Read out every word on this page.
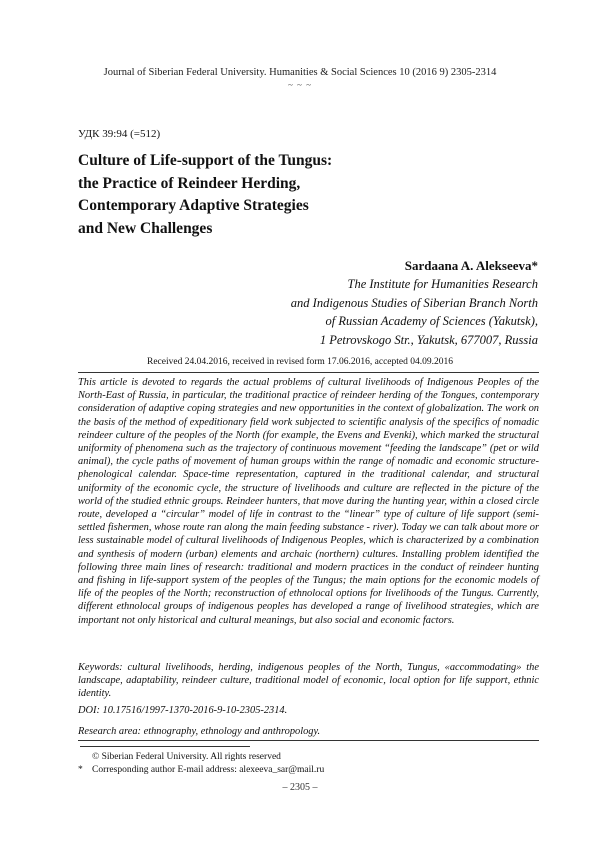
Journal of Siberian Federal University. Humanities & Social Sciences 10 (2016 9) 2305-2314
~ ~ ~
УДК 39:94 (=512)
Culture of Life-support of the Tungus:
the Practice of Reindeer Herding,
Contemporary Adaptive Strategies
and New Challenges
Sardaana A. Alekseeva*
The Institute for Humanities Research
and Indigenous Studies of Siberian Branch North
of Russian Academy of Sciences (Yakutsk),
1 Petrovskogo Str., Yakutsk, 677007, Russia
Received 24.04.2016, received in revised form 17.06.2016, accepted 04.09.2016

This article is devoted to regards the actual problems of cultural livelihoods of Indigenous Peoples of the North-East of Russia, in particular, the traditional practice of reindeer herding of the Tongues, contemporary consideration of adaptive coping strategies and new opportunities in the context of globalization. The work on the basis of the method of expeditionary field work subjected to scientific analysis of the specifics of nomadic reindeer culture of the peoples of the North (for example, the Evens and Evenki), which marked the structural uniformity of phenomena such as the trajectory of continuous movement “feeding the landscape” (pet or wild animal), the cycle paths of movement of human groups within the range of nomadic and economic structure-phenological calendar. Space-time representation, captured in the traditional calendar, and structural uniformity of the economic cycle, the structure of livelihoods and culture are reflected in the picture of the world of the studied ethnic groups. Reindeer hunters, that move during the hunting year, within a closed circle route, developed a “circular” model of life in contrast to the “linear” type of culture of life support (semi-settled fishermen, whose route ran along the main feeding substance - river). Today we can talk about more or less sustainable model of cultural livelihoods of Indigenous Peoples, which is characterized by a combination and synthesis of modern (urban) elements and archaic (northern) cultures. Installing problem identified the following three main lines of research: traditional and modern practices in the conduct of reindeer hunting and fishing in life-support system of the peoples of the Tungus; the main options for the economic models of life of the peoples of the North; reconstruction of ethnolocal options for livelihoods of the Tungus. Currently, different ethnolocal groups of indigenous peoples has developed a range of livelihood strategies, which are important not only historical and cultural meanings, but also social and economic factors.

Keywords: cultural livelihoods, herding, indigenous peoples of the North, Tungus, «accommodating» the landscape, adaptability, reindeer culture, traditional model of economic, local option for life support, ethnic identity.

DOI: 10.17516/1997-1370-2016-9-10-2305-2314.

Research area: ethnography, ethnology and anthropology.

© Siberian Federal University. All rights reserved
* Corresponding author E-mail address: alexeeva_sar@mail.ru
– 2305 –
